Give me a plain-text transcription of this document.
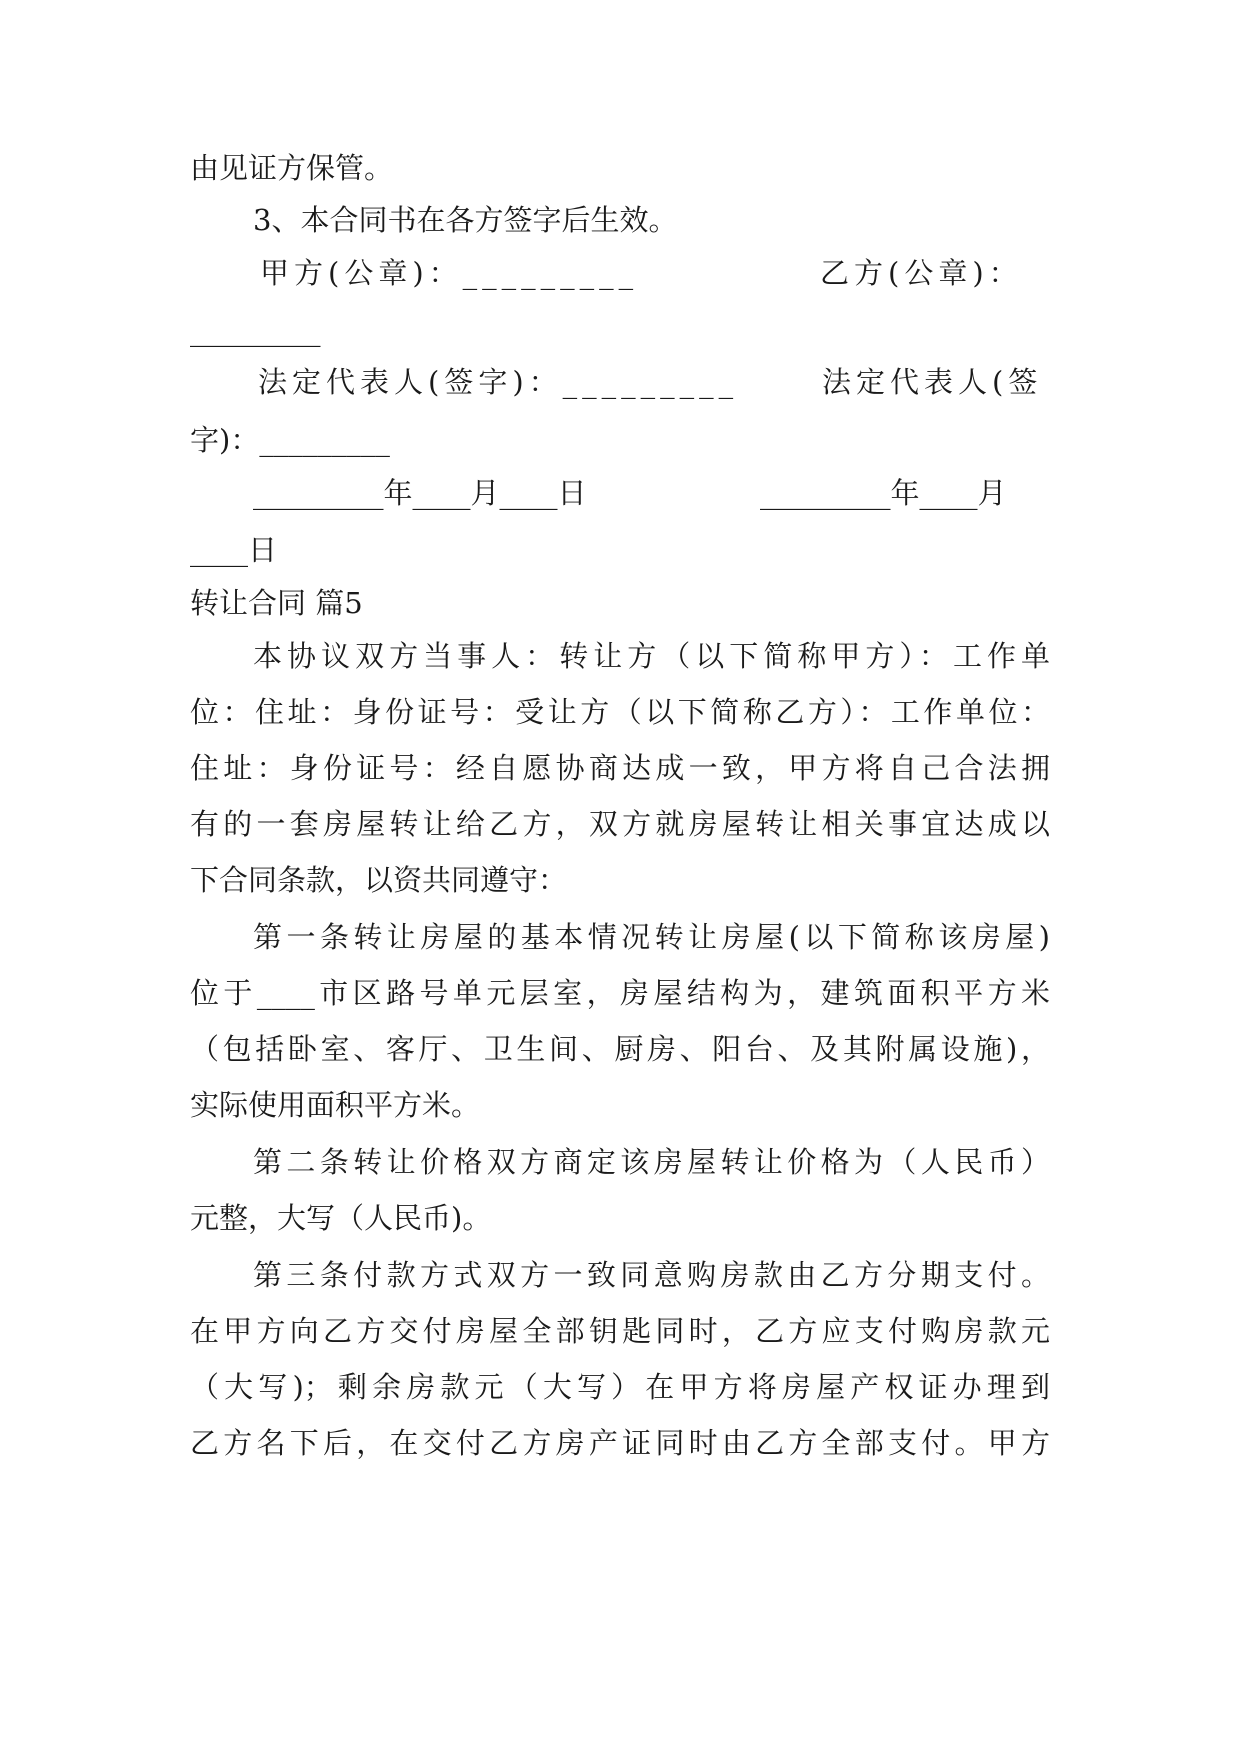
由见证方保管。
3、本合同书在各方签字后生效。
甲方(公章)：_________	乙方(公章)：
_________
法定代表人(签字)：_________	法定代表人(签
字)：_________
_________年____月____日	_________年____月
____日
转让合同 篇5
本协议双方当事人：转让方（以下简称甲方）：工作单
位：住址：身份证号：受让方（以下简称乙方）：工作单位：
住址：身份证号：经自愿协商达成一致，甲方将自己合法拥
有的一套房屋转让给乙方，双方就房屋转让相关事宜达成以
下合同条款，以资共同遵守：
第一条转让房屋的基本情况转让房屋(以下简称该房屋)
位于____市区路号单元层室，房屋结构为，建筑面积平方米
（包括卧室、客厅、卫生间、厨房、阳台、及其附属设施)，
实际使用面积平方米。
第二条转让价格双方商定该房屋转让价格为（人民币）
元整，大写（人民币)。
第三条付款方式双方一致同意购房款由乙方分期支付。
在甲方向乙方交付房屋全部钥匙同时，乙方应支付购房款元
（大写)；剩余房款元（大写）在甲方将房屋产权证办理到
乙方名下后，在交付乙方房产证同时由乙方全部支付。甲方
